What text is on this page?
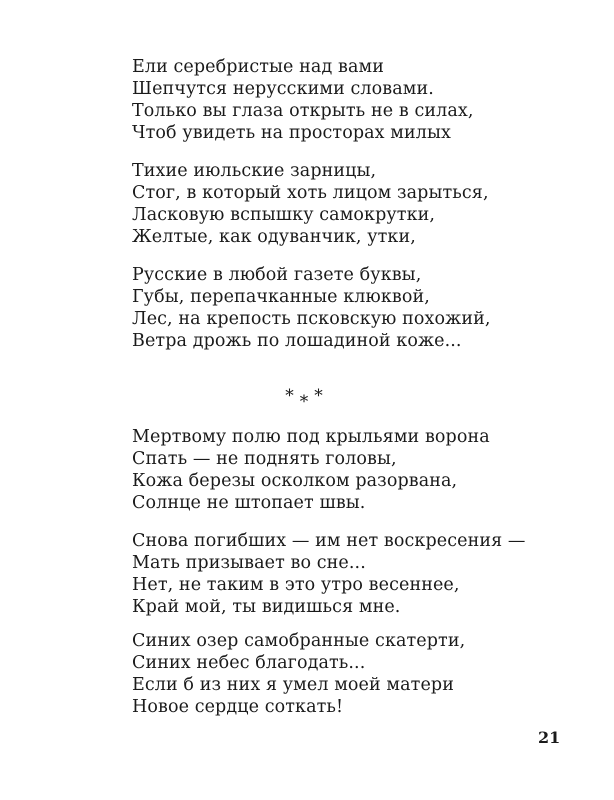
Ели серебристые над вами
Шепчутся нерусскими словами.
Только вы глаза открыть не в силах,
Чтоб увидеть на просторах милых
Тихие июльские зарницы,
Стог, в который хоть лицом зарыться,
Ласковую вспышку самокрутки,
Желтые, как одуванчик, утки,
Русские в любой газете буквы,
Губы, перепачканные клюквой,
Лес, на крепость псковскую похожий,
Ветра дрожь по лошадиной коже...
***
Мертвому полю под крыльями ворона
Спать — не поднять головы,
Кожа березы осколком разорвана,
Солнце не штопает швы.
Снова погибших — им нет воскресения —
Мать призывает во сне...
Нет, не таким в это утро весеннее,
Край мой, ты видишься мне.
Синих озер самобранные скатерти,
Синих небес благодать...
Если б из них я умел моей матери
Новое сердце соткать!
21
